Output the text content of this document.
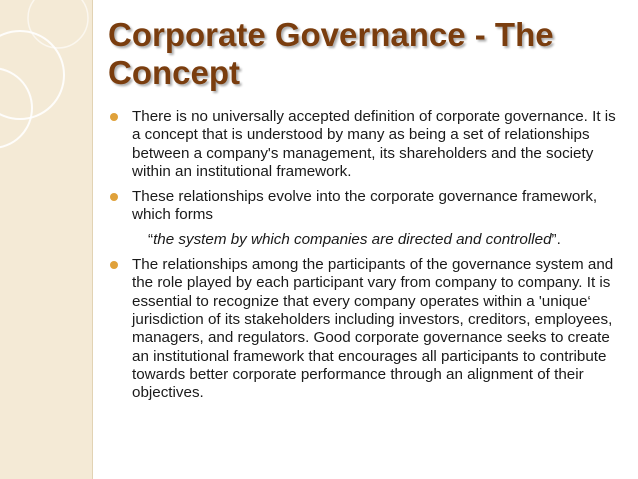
Corporate Governance - The Concept
There is no universally accepted definition of corporate governance. It is a concept that is understood by many as being a set of relationships between a company's management, its shareholders and the society within an institutional framework.
These relationships evolve into the corporate governance framework, which forms
“the system by which companies are directed and controlled”.
The relationships among the participants of the governance system and the role played by each participant vary from company to company. It is essential to recognize that every company operates within a 'unique‘ jurisdiction of its stakeholders including investors, creditors, employees, managers, and regulators. Good corporate governance seeks to create an institutional framework that encourages all participants to contribute towards better corporate performance through an alignment of their objectives.
